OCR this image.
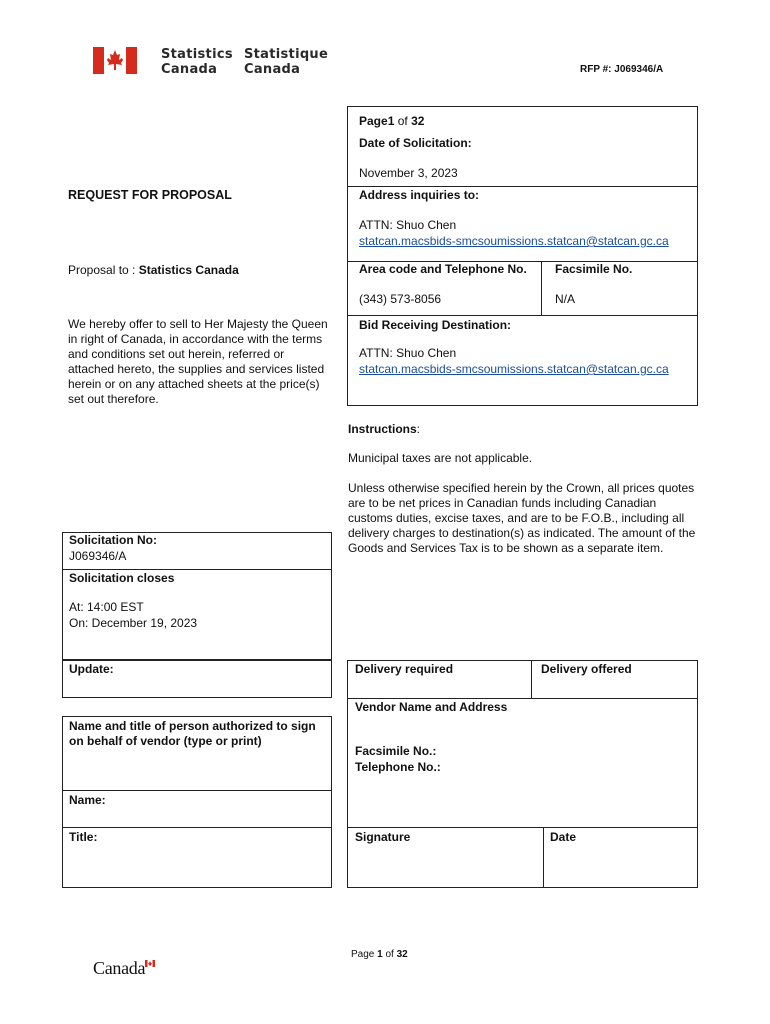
Statistics
Canada
Statistique
Canada	RFP #: J069346/A
REQUEST FOR PROPOSAL
Proposal to : Statistics Canada

We hereby offer to sell to Her Majesty the Queen in right of Canada, in accordance with the terms and conditions set out herein, referred or attached hereto, the supplies and services listed herein or on any attached sheets at the price(s) set out therefore.

Page1 of 32
Date of Solicitation:
November 3, 2023
Address inquiries to:
ATTN: Shuo Chen
statcan.macsbids-smcsoumissions.statcan@statcan.gc.ca
Area code and Telephone No.
(343) 573-8056
Facsimile No.
N/A
Bid Receiving Destination:
ATTN: Shuo Chen
statcan.macsbids-smcsoumissions.statcan@statcan.gc.ca
Instructions:
Municipal taxes are not applicable.

Unless otherwise specified herein by the Crown, all prices quotes are to be net prices in Canadian funds including Canadian customs duties, excise taxes, and are to be F.O.B., including all delivery charges to destination(s) as indicated. The amount of the Goods and Services Tax is to be shown as a separate item.

Solicitation No:
J069346/A
Solicitation closes
At: 14:00 EST
On: December 19, 2023
Update:

Name and title of person authorized to sign on behalf of vendor (type or print)

Name:
Title:
Delivery required	Delivery offered
Vendor Name and Address
Facsimile No.:
Telephone No.:
Signature	Date
Page 1 of 32
Canada
